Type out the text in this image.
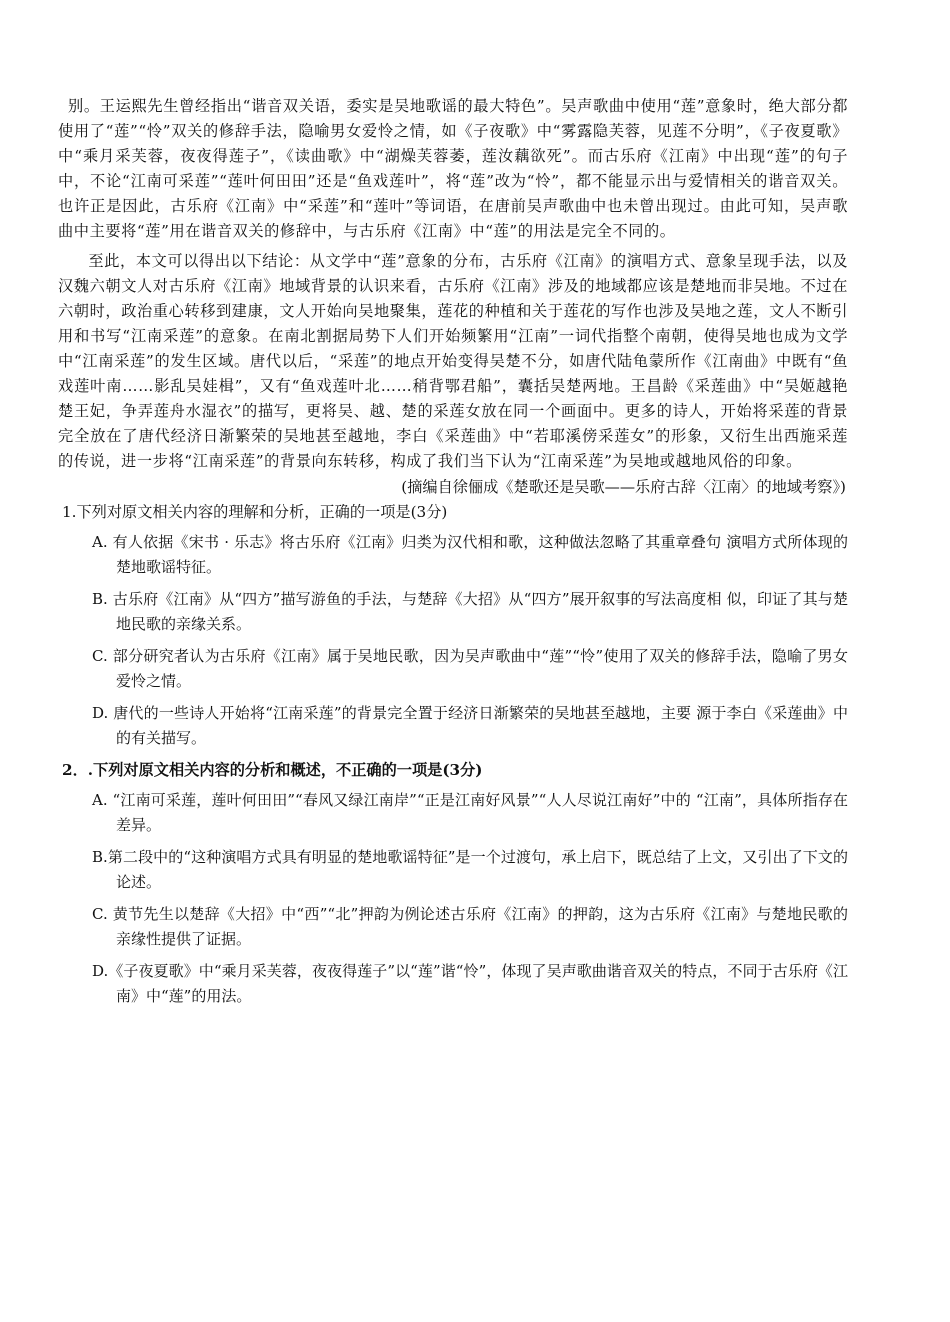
别。王运熙先生曾经指出“谐音双关语，委实是吴地歌谣的最大特色”。吴声歌曲中使用“莲”意象时，绝大部分都使用了“莲”“怜”双关的修辞手法，隐喻男女爱怜之情，如《子夜歌》中“雾露隐芙蓉，见莲不分明”，《子夜夏歌》中“乘月采芙蓉，夜夜得莲子”，《读曲歌》中“湖燥芙蓉萎，莲汝藕欲死”。而古乐府《江南》中出现“莲”的句子中，不论“江南可采莲”“莲叶何田田”还是“鱼戏莲叶”，将“莲”改为“怜”，都不能显示出与爱情相关的谐音双关。也许正是因此，古乐府《江南》中“采莲”和“莲叶”等词语，在唐前吴声歌曲中也未曾出现过。由此可知，吴声歌曲中主要将“莲”用在谐音双关的修辞中，与古乐府《江南》中“莲”的用法是完全不同的。

至此，本文可以得出以下结论：从文学中“莲”意象的分布，古乐府《江南》的演唱方式、意象呈现手法，以及汉魏六朝文人对古乐府《江南》地域背景的认识来看，古乐府《江南》涉及的地域都应该是楚地而非吴地。不过在六朝时，政治重心转移到建康，文人开始向吴地聚集，莲花的种植和关于莲花的写作也涉及吴地之莲，文人不断引用和书写“江南采莲”的意象。在南北割据局势下人们开始频繁用“江南”一词代指整个南朝，使得吴地也成为文学中“江南采莲”的发生区域。唐代以后，“采莲”的地点开始变得吴楚不分，如唐代陆龟蒙所作《江南曲》中既有“鱼戏莲叶南……影乱吴娃楫”，又有“鱼戏莲叶北……稍背鄂君船”，囊括吴楚两地。王昌龄《采莲曲》中“吴姬越艳楚王妃，争弄莲舟水湿衣”的描写，更将吴、越、楚的采莲女放在同一个画面中。更多的诗人，开始将采莲的背景完全放在了唐代经济日渐繁荣的吴地甚至越地，李白《采莲曲》中“若耶溪傍采莲女”的形象，又衍生出西施采莲的传说，进一步将“江南采莲”的背景向东转移，构成了我们当下认为“江南采莲”为吴地或越地风俗的印象。

(摘编自徐俪成《楚歌还是吴歌——乐府古辞〈江南〉的地域考察》)

1.下列对原文相关内容的理解和分析，正确的一项是(3分)

A. 有人依据《宋书 · 乐志》将古乐府《江南》归类为汉代相和歌，这种做法忽略了其重章叠句 演唱方式所体现的楚地歌谣特征。

B. 古乐府《江南》从“四方”描写游鱼的手法，与楚辞《大招》从“四方”展开叙事的写法高度相 似，印证了其与楚地民歌的亲缘关系。

C. 部分研究者认为古乐府《江南》属于吴地民歌，因为吴声歌曲中“莲”“怜”使用了双关的修辞手法，隐喻了男女爱怜之情。

D. 唐代的一些诗人开始将“江南采莲”的背景完全置于经济日渐繁荣的吴地甚至越地，主要 源于李白《采莲曲》中的有关描写。

2．.下列对原文相关内容的分析和概述，不正确的一项是(3分)

A. “江南可采莲，莲叶何田田”“春风又绿江南岸”“正是江南好风景”“人人尽说江南好”中的 “江南”，具体所指存在差异。

B.第二段中的“这种演唱方式具有明显的楚地歌谣特征”是一个过渡句，承上启下，既总结了上文，又引出了下文的论述。

C. 黄节先生以楚辞《大招》中“西”“北”押韵为例论述古乐府《江南》的押韵，这为古乐府《江南》与楚地民歌的亲缘性提供了证据。

D.《子夜夏歌》中“乘月采芙蓉，夜夜得莲子”以“莲”谐“怜”，体现了吴声歌曲谐音双关的特点，不同于古乐府《江南》中“莲”的用法。
